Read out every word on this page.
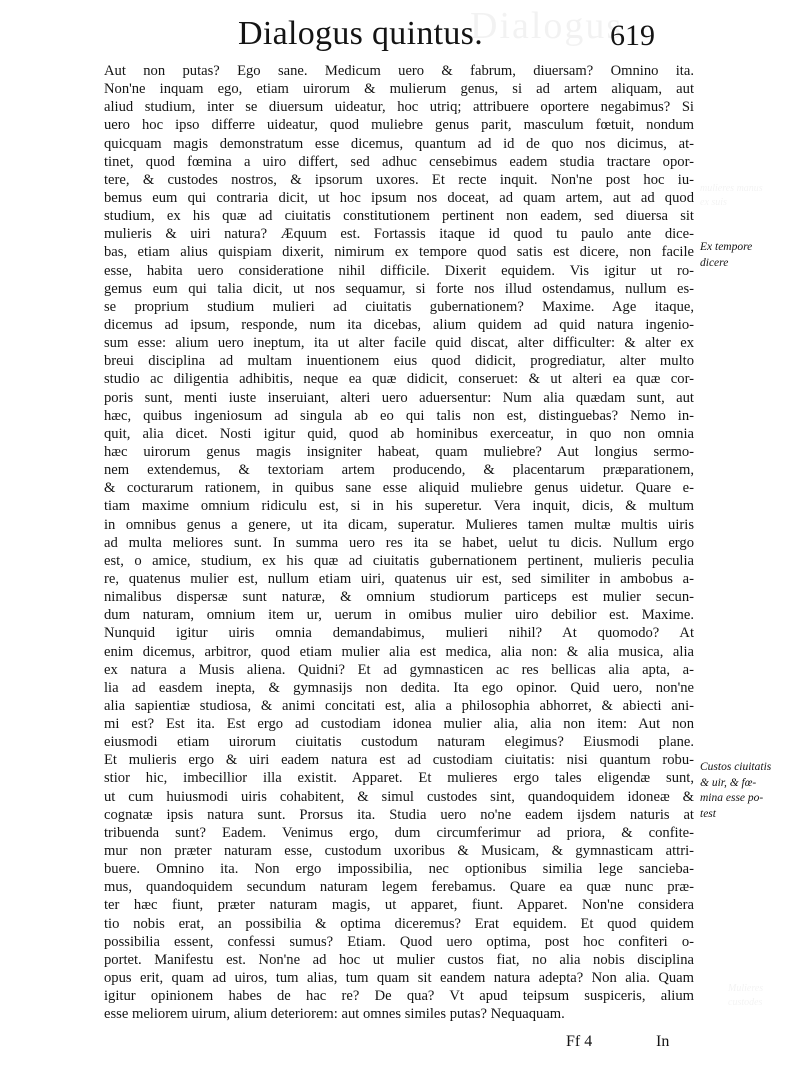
Dialogus
mulieres manus
ex suis
Mulieres
custodes
Dialogus quintus.	619
Aut non putas? Ego sane. Medicum uero & fabrum, diuersam? Omnino ita.
Non'ne inquam ego, etiam uirorum & mulierum genus, si ad artem aliquam, aut
aliud studium, inter se diuersum uideatur, hoc utriq; attribuere oportere negabimus? Si
uero hoc ipso differre uideatur, quod muliebre genus parit, masculum fœtuit, nondum
quicquam magis demonstratum esse dicemus, quantum ad id de quo nos dicimus, at-
tinet, quod fœmina a uiro differt, sed adhuc censebimus eadem studia tractare opor-
tere, & custodes nostros, & ipsorum uxores. Et recte inquit. Non'ne post hoc iu-
bemus eum qui contraria dicit, ut hoc ipsum nos doceat, ad quam artem, aut ad quod
studium, ex his quæ ad ciuitatis constitutionem pertinent non eadem, sed diuersa sit
mulieris & uiri natura? Æquum est. Fortassis itaque id quod tu paulo ante dice-
bas, etiam alius quispiam dixerit, nimirum ex tempore quod satis est dicere, non facile
esse, habita uero consideratione nihil difficile. Dixerit equidem. Vis igitur ut ro-
gemus eum qui talia dicit, ut nos sequamur, si forte nos illud ostendamus, nullum es-
se proprium studium mulieri ad ciuitatis gubernationem? Maxime. Age itaque,
dicemus ad ipsum, responde, num ita dicebas, alium quidem ad quid natura ingenio-
sum esse: alium uero ineptum, ita ut alter facile quid discat, alter difficulter: & alter ex
breui disciplina ad multam inuentionem eius quod didicit, progrediatur, alter multo
studio ac diligentia adhibitis, neque ea quæ didicit, conseruet: & ut alteri ea quæ cor-
poris sunt, menti iuste inseruiant, alteri uero aduersentur: Num alia quædam sunt, aut
hæc, quibus ingeniosum ad singula ab eo qui talis non est, distinguebas? Nemo in-
quit, alia dicet. Nosti igitur quid, quod ab hominibus exerceatur, in quo non omnia
hæc uirorum genus magis insigniter habeat, quam muliebre? Aut longius sermo-
nem extendemus, & textoriam artem producendo, & placentarum præparationem,
& cocturarum rationem, in quibus sane esse aliquid muliebre genus uidetur. Quare e-
tiam maxime omnium ridiculu est, si in his superetur. Vera inquit, dicis, & multum
in omnibus genus a genere, ut ita dicam, superatur. Mulieres tamen multæ multis uiris
ad multa meliores sunt. In summa uero res ita se habet, uelut tu dicis. Nullum ergo
est, o amice, studium, ex his quæ ad ciuitatis gubernationem pertinent, mulieris peculia
re, quatenus mulier est, nullum etiam uiri, quatenus uir est, sed similiter in ambobus a-
nimalibus dispersæ sunt naturæ, & omnium studiorum particeps est mulier secun-
dum naturam, omnium item ur, uerum in omibus mulier uiro debilior est. Maxime.
Nunquid igitur uiris omnia demandabimus, mulieri nihil? At quomodo? At
enim dicemus, arbitror, quod etiam mulier alia est medica, alia non: & alia musica, alia
ex natura a Musis aliena. Quidni? Et ad gymnasticen ac res bellicas alia apta, a-
lia ad easdem inepta, & gymnasijs non dedita. Ita ego opinor. Quid uero, non'ne
alia sapientiæ studiosa, & animi concitati est, alia a philosophia abhorret, & abiecti ani-
mi est? Est ita. Est ergo ad custodiam idonea mulier alia, alia non item: Aut non
eiusmodi etiam uirorum ciuitatis custodum naturam elegimus? Eiusmodi plane.
Et mulieris ergo & uiri eadem natura est ad custodiam ciuitatis: nisi quantum robu-
stior hic, imbecillior illa existit. Apparet. Et mulieres ergo tales eligendæ sunt,
ut cum huiusmodi uiris cohabitent, & simul custodes sint, quandoquidem idoneæ &
cognatæ ipsis natura sunt. Prorsus ita. Studia uero no'ne eadem ijsdem naturis at
tribuenda sunt? Eadem. Venimus ergo, dum circumferimur ad priora, & confite-
mur non præter naturam esse, custodum uxoribus & Musicam, & gymnasticam attri-
buere. Omnino ita. Non ergo impossibilia, nec optionibus similia lege sancieba-
mus, quandoquidem secundum naturam legem ferebamus. Quare ea quæ nunc præ-
ter hæc fiunt, præter naturam magis, ut apparet, fiunt. Apparet. Non'ne considera
tio nobis erat, an possibilia & optima diceremus? Erat equidem. Et quod quidem
possibilia essent, confessi sumus? Etiam. Quod uero optima, post hoc confiteri o-
portet. Manifestu est. Non'ne ad hoc ut mulier custos fiat, no alia nobis disciplina
opus erit, quam ad uiros, tum alias, tum quam sit eandem natura adepta? Non alia. Quam
igitur opinionem habes de hac re? De qua? Vt apud teipsum suspiceris, alium
esse meliorem uirum, alium deteriorem: aut omnes similes putas? Nequaquam.
Ex tempore
dicere
Custos ciuitatis
& uir, & fœ-
mina esse po-
test
Ff 4	In
